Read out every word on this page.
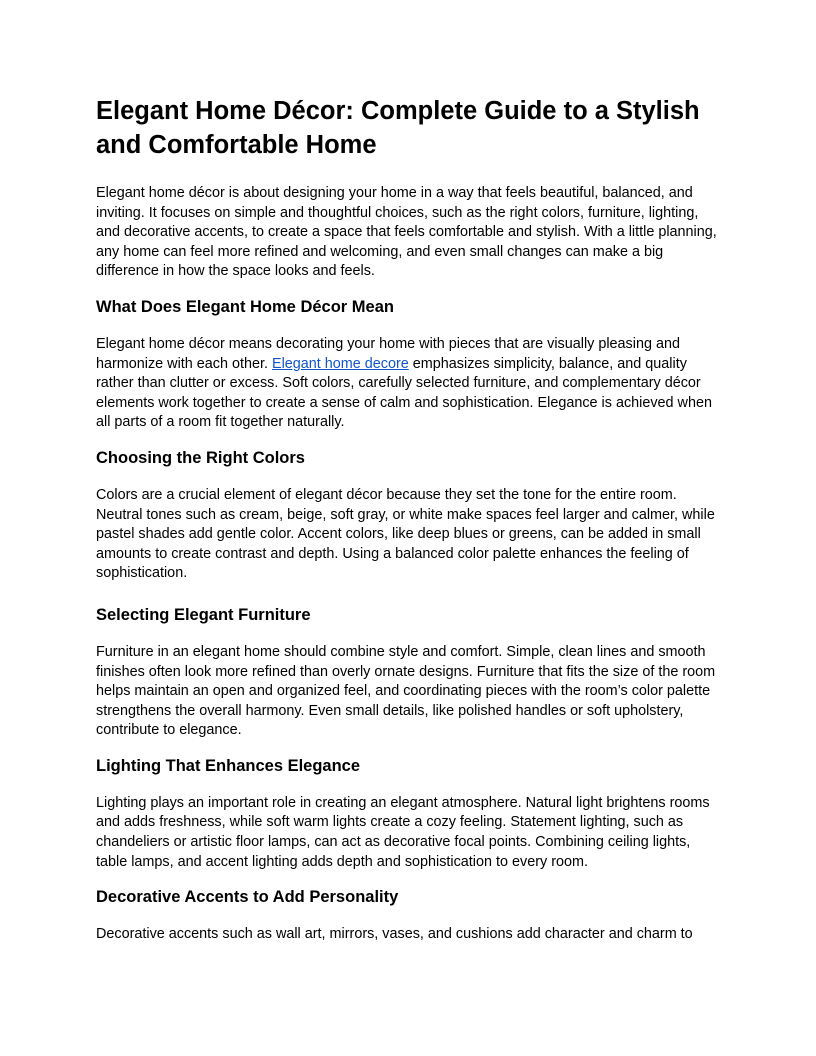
Elegant Home Décor: Complete Guide to a Stylish and Comfortable Home

Elegant home décor is about designing your home in a way that feels beautiful, balanced, and inviting. It focuses on simple and thoughtful choices, such as the right colors, furniture, lighting, and decorative accents, to create a space that feels comfortable and stylish. With a little planning, any home can feel more refined and welcoming, and even small changes can make a big difference in how the space looks and feels.

What Does Elegant Home Décor Mean

Elegant home décor means decorating your home with pieces that are visually pleasing and harmonize with each other. Elegant home decore emphasizes simplicity, balance, and quality rather than clutter or excess. Soft colors, carefully selected furniture, and complementary décor elements work together to create a sense of calm and sophistication. Elegance is achieved when all parts of a room fit together naturally.

Choosing the Right Colors

Colors are a crucial element of elegant décor because they set the tone for the entire room. Neutral tones such as cream, beige, soft gray, or white make spaces feel larger and calmer, while pastel shades add gentle color. Accent colors, like deep blues or greens, can be added in small amounts to create contrast and depth. Using a balanced color palette enhances the feeling of sophistication.

Selecting Elegant Furniture

Furniture in an elegant home should combine style and comfort. Simple, clean lines and smooth finishes often look more refined than overly ornate designs. Furniture that fits the size of the room helps maintain an open and organized feel, and coordinating pieces with the room’s color palette strengthens the overall harmony. Even small details, like polished handles or soft upholstery, contribute to elegance.

Lighting That Enhances Elegance

Lighting plays an important role in creating an elegant atmosphere. Natural light brightens rooms and adds freshness, while soft warm lights create a cozy feeling. Statement lighting, such as chandeliers or artistic floor lamps, can act as decorative focal points. Combining ceiling lights, table lamps, and accent lighting adds depth and sophistication to every room.

Decorative Accents to Add Personality

Decorative accents such as wall art, mirrors, vases, and cushions add character and charm to
